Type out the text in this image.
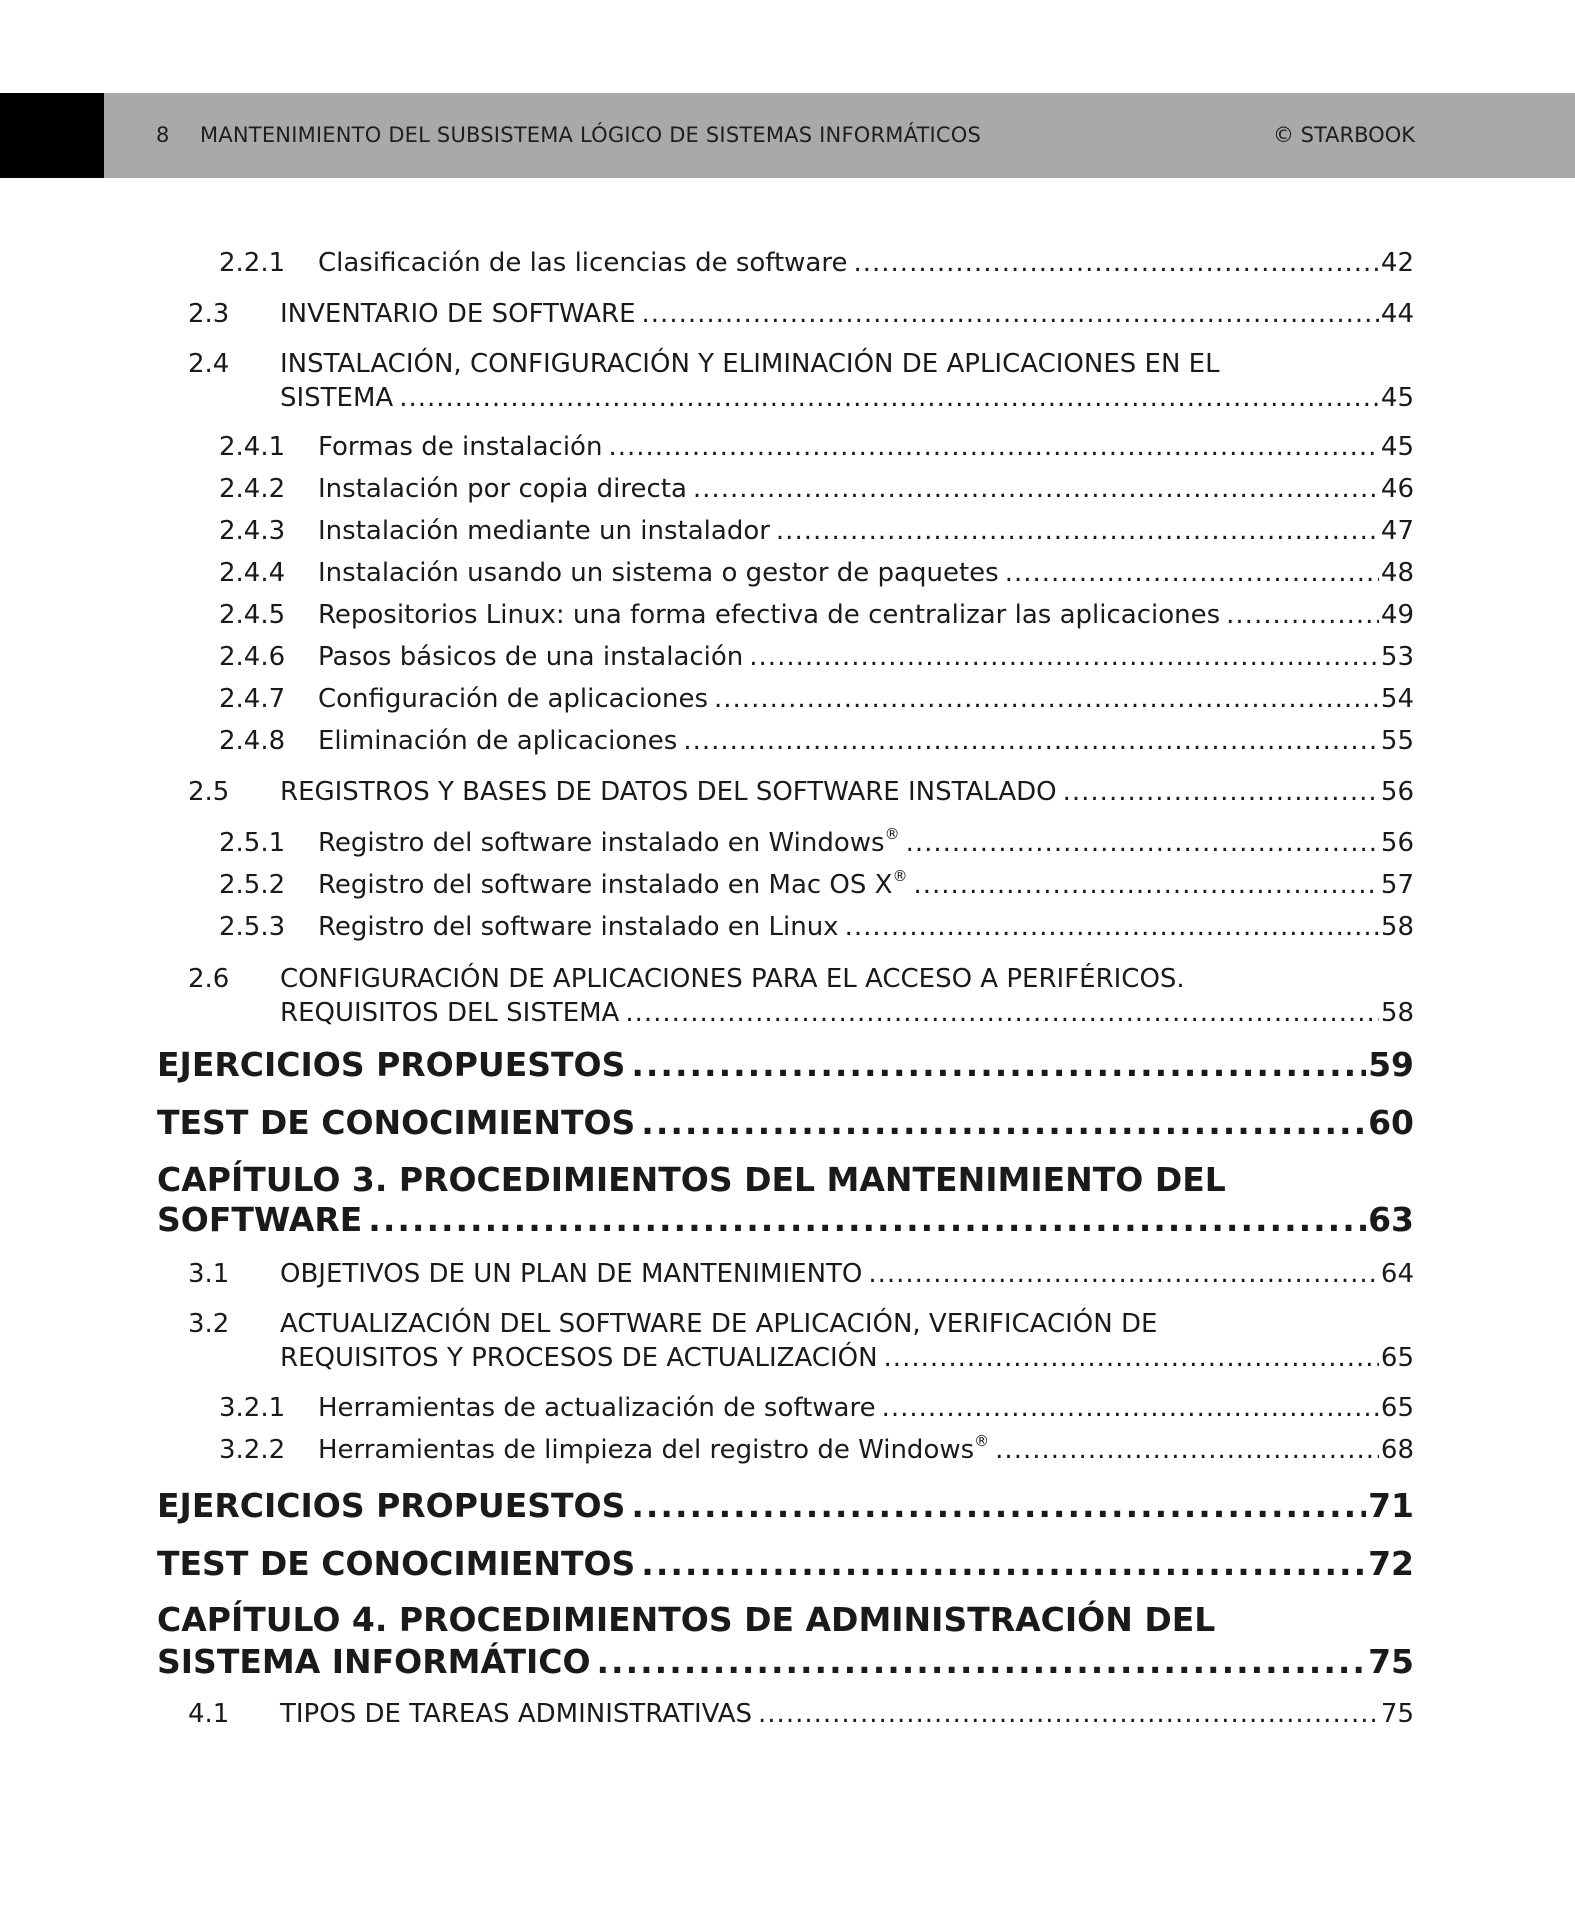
8 MANTENIMIENTO DEL SUBSISTEMA LÓGICO DE SISTEMAS INFORMÁTICOS	© STARBOOK
2.2.1 Clasificación de las licencias de software .....	42
2.3 INVENTARIO DE SOFTWARE .....	44
2.4 INSTALACIÓN, CONFIGURACIÓN Y ELIMINACIÓN DE APLICACIONES EN EL
SISTEMA .....	45
2.4.1 Formas de instalación .....	45
2.4.2 Instalación por copia directa .....	46
2.4.3 Instalación mediante un instalador .....	47
2.4.4 Instalación usando un sistema o gestor de paquetes .....	48
2.4.5 Repositorios Linux: una forma efectiva de centralizar las aplicaciones .....	49
2.4.6 Pasos básicos de una instalación .....	53
2.4.7 Configuración de aplicaciones .....	54
2.4.8 Eliminación de aplicaciones .....	55
2.5 REGISTROS Y BASES DE DATOS DEL SOFTWARE INSTALADO .....	56
2.5.1 Registro del software instalado en Windows® .....	56
2.5.2 Registro del software instalado en Mac OS X® .....	57
2.5.3 Registro del software instalado en Linux .....	58
2.6 CONFIGURACIÓN DE APLICACIONES PARA EL ACCESO A PERIFÉRICOS.
REQUISITOS DEL SISTEMA .....	58
EJERCICIOS PROPUESTOS .....	59
TEST DE CONOCIMIENTOS .....	60
CAPÍTULO 3. PROCEDIMIENTOS DEL MANTENIMIENTO DEL
SOFTWARE .....	63
3.1 OBJETIVOS DE UN PLAN DE MANTENIMIENTO .....	64
3.2 ACTUALIZACIÓN DEL SOFTWARE DE APLICACIÓN, VERIFICACIÓN DE
REQUISITOS Y PROCESOS DE ACTUALIZACIÓN .....	65
3.2.1 Herramientas de actualización de software .....	65
3.2.2 Herramientas de limpieza del registro de Windows® .....	68
EJERCICIOS PROPUESTOS .....	71
TEST DE CONOCIMIENTOS .....	72
CAPÍTULO 4. PROCEDIMIENTOS DE ADMINISTRACIÓN DEL
SISTEMA INFORMÁTICO .....	75
4.1 TIPOS DE TAREAS ADMINISTRATIVAS .....	75
